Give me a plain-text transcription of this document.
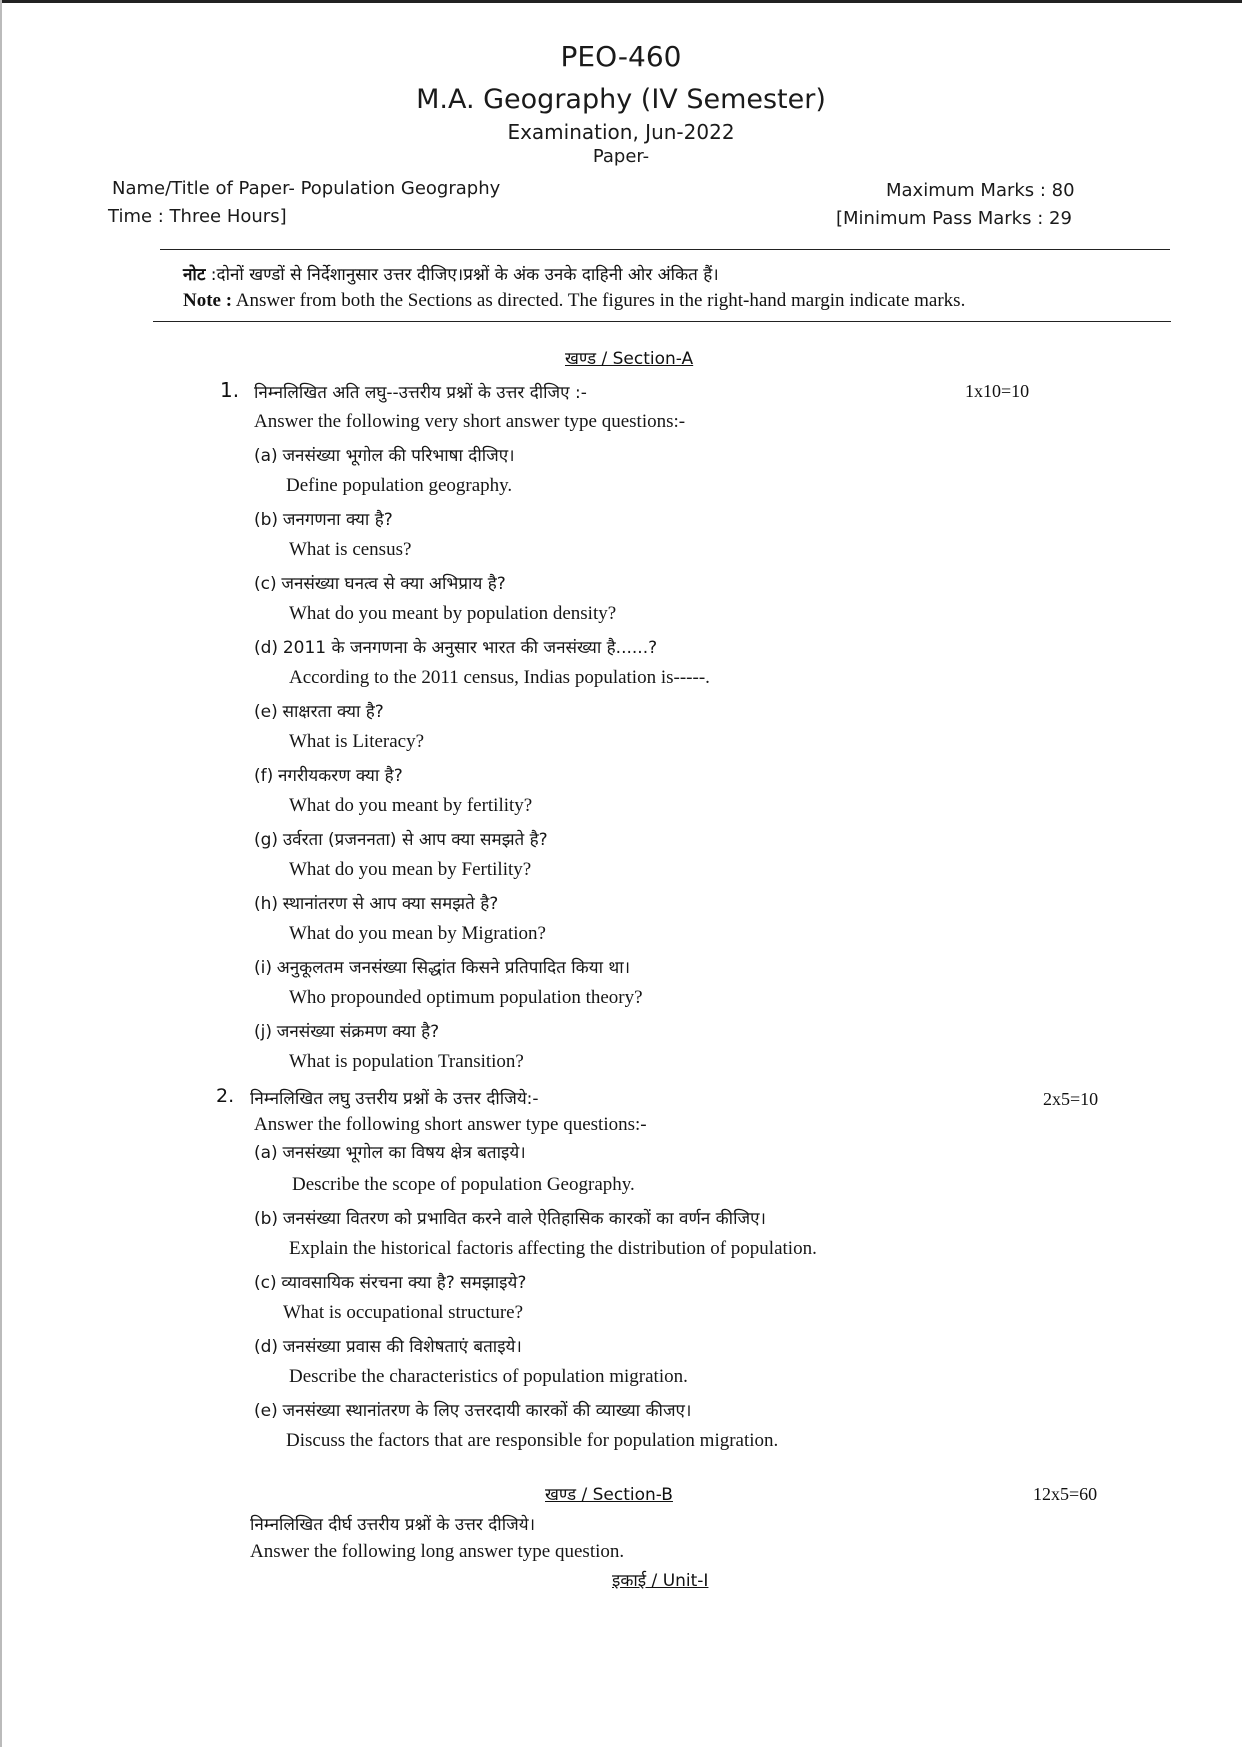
PEO-460
M.A. Geography (IV Semester)
Examination, Jun-2022
Paper-
Name/Title of Paper- Population Geography
Time : Three Hours]
Maximum Marks : 80
[Minimum Pass Marks : 29
नोट :दोनों खण्डों से निर्देशानुसार उत्तर दीजिए।प्रश्नों के अंक उनके दाहिनी ओर अंकित हैं।
Note : Answer from both the Sections as directed. The figures in the right-hand margin indicate marks.
खण्ड / Section-A
1. निम्नलिखित अति लघु--उत्तरीय प्रश्नों के उत्तर दीजिए :-	1x10=10
Answer the following very short answer type questions:-
(a) जनसंख्या भूगोल की परिभाषा दीजिए।
Define population geography.
(b) जनगणना क्या है?
What is census?
(c) जनसंख्या घनत्व से क्या अभिप्राय है?
What do you meant by population density?
(d) 2011 के जनगणना के अनुसार भारत की जनसंख्या है......?
According to the 2011 census, Indias population is-----.
(e) साक्षरता क्या है?
What is Literacy?
(f) नगरीयकरण क्या है?
What do you meant by fertility?
(g) उर्वरता (प्रजननता) से आप क्या समझते है?
What do you mean by Fertility?
(h) स्थानांतरण से आप क्या समझते है?
What do you mean by Migration?
(i) अनुकूलतम जनसंख्या सिद्धांत किसने प्रतिपादित किया था।
Who propounded optimum population theory?
(j) जनसंख्या संक्रमण क्या है?
What is population Transition?
2. निम्नलिखित लघु उत्तरीय प्रश्नों के उत्तर दीजिये:-	2x5=10
Answer the following short answer type questions:-
(a) जनसंख्या भूगोल का विषय क्षेत्र बताइये।
Describe the scope of population Geography.
(b) जनसंख्या वितरण को प्रभावित करने वाले ऐतिहासिक कारकों का वर्णन कीजिए।
Explain the historical factoris affecting the distribution of population.
(c) व्यावसायिक संरचना क्या है? समझाइये?
What is occupational structure?
(d) जनसंख्या प्रवास की विशेषताएं बताइये।
Describe the characteristics of population migration.
(e) जनसंख्या स्थानांतरण के लिए उत्तरदायी कारकों की व्याख्या कीजए।
Discuss the factors that are responsible for population migration.
खण्ड / Section-B	12x5=60
निम्नलिखित दीर्घ उत्तरीय प्रश्नों के उत्तर दीजिये।
Answer the following long answer type question.
इकाई / Unit-I
